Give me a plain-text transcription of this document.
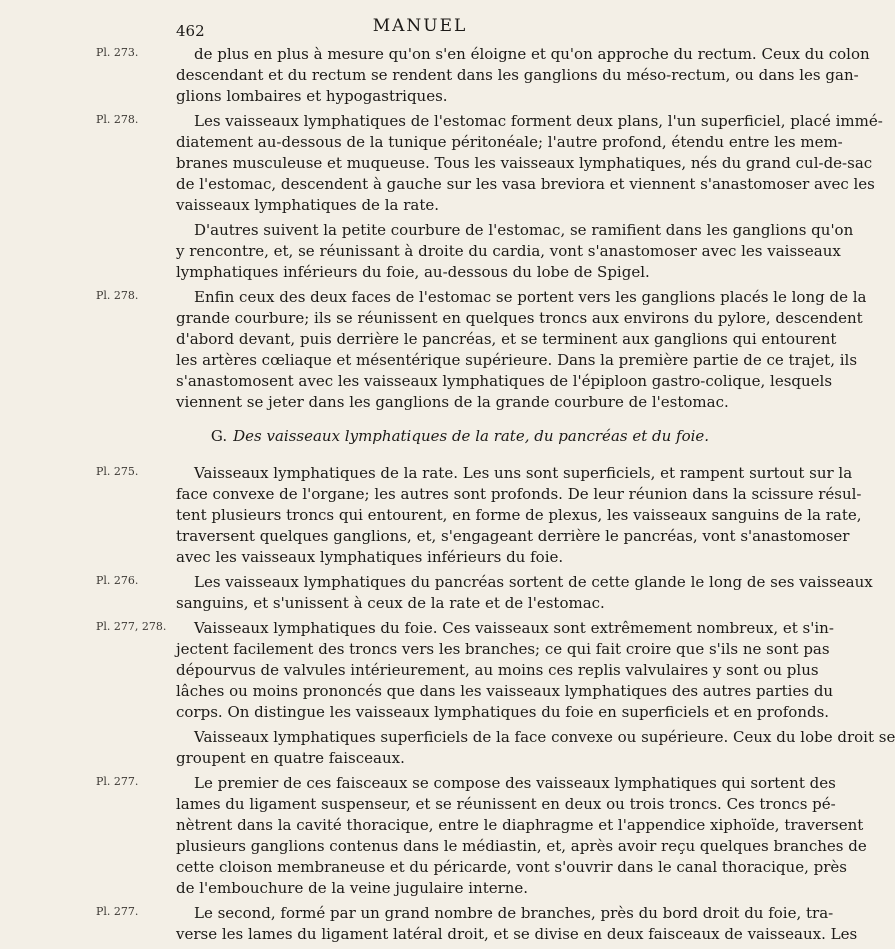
462	MANUEL
Pl. 273.	de plus en plus à mesure qu'on s'en éloigne et qu'on approche du rectum. Ceux du colon
descendant et du rectum se rendent dans les ganglions du méso-rectum, ou dans les gan-
glions lombaires et hypogastriques.
Pl. 278.	Les vaisseaux lymphatiques de l'estomac forment deux plans, l'un superficiel, placé immé-
diatement au-dessous de la tunique péritonéale; l'autre profond, étendu entre les mem-
branes musculeuse et muqueuse. Tous les vaisseaux lymphatiques, nés du grand cul-de-sac
de l'estomac, descendent à gauche sur les vasa breviora et viennent s'anastomoser avec les
vaisseaux lymphatiques de la rate.
D'autres suivent la petite courbure de l'estomac, se ramifient dans les ganglions qu'on
y rencontre, et, se réunissant à droite du cardia, vont s'anastomoser avec les vaisseaux
lymphatiques inférieurs du foie, au-dessous du lobe de Spigel.
Pl. 278.	Enfin ceux des deux faces de l'estomac se portent vers les ganglions placés le long de la
grande courbure; ils se réunissent en quelques troncs aux environs du pylore, descendent
d'abord devant, puis derrière le pancréas, et se terminent aux ganglions qui entourent
les artères cœliaque et mésentérique supérieure. Dans la première partie de ce trajet, ils
s'anastomosent avec les vaisseaux lymphatiques de l'épiploon gastro-colique, lesquels
viennent se jeter dans les ganglions de la grande courbure de l'estomac.
G. Des vaisseaux lymphatiques de la rate, du pancréas et du foie.
Pl. 275.	Vaisseaux lymphatiques de la rate. Les uns sont superficiels, et rampent surtout sur la
face convexe de l'organe; les autres sont profonds. De leur réunion dans la scissure résul-
tent plusieurs troncs qui entourent, en forme de plexus, les vaisseaux sanguins de la rate,
traversent quelques ganglions, et, s'engageant derrière le pancréas, vont s'anastomoser
avec les vaisseaux lymphatiques inférieurs du foie.
Pl. 276.	Les vaisseaux lymphatiques du pancréas sortent de cette glande le long de ses vaisseaux
sanguins, et s'unissent à ceux de la rate et de l'estomac.
Pl. 277, 278.	Vaisseaux lymphatiques du foie. Ces vaisseaux sont extrêmement nombreux, et s'in-
jectent facilement des troncs vers les branches; ce qui fait croire que s'ils ne sont pas
dépourvus de valvules intérieurement, au moins ces replis valvulaires y sont ou plus
lâches ou moins prononcés que dans les vaisseaux lymphatiques des autres parties du
corps. On distingue les vaisseaux lymphatiques du foie en superficiels et en profonds.
Vaisseaux lymphatiques superficiels de la face convexe ou supérieure. Ceux du lobe droit se
groupent en quatre faisceaux.
Pl. 277.	Le premier de ces faisceaux se compose des vaisseaux lymphatiques qui sortent des
lames du ligament suspenseur, et se réunissent en deux ou trois troncs. Ces troncs pé-
nètrent dans la cavité thoracique, entre le diaphragme et l'appendice xiphoïde, traversent
plusieurs ganglions contenus dans le médiastin, et, après avoir reçu quelques branches de
cette cloison membraneuse et du péricarde, vont s'ouvrir dans le canal thoracique, près
de l'embouchure de la veine jugulaire interne.
Pl. 277.	Le second, formé par un grand nombre de branches, près du bord droit du foie, tra-
verse les lames du ligament latéral droit, et se divise en deux faisceaux de vaisseaux. Les
